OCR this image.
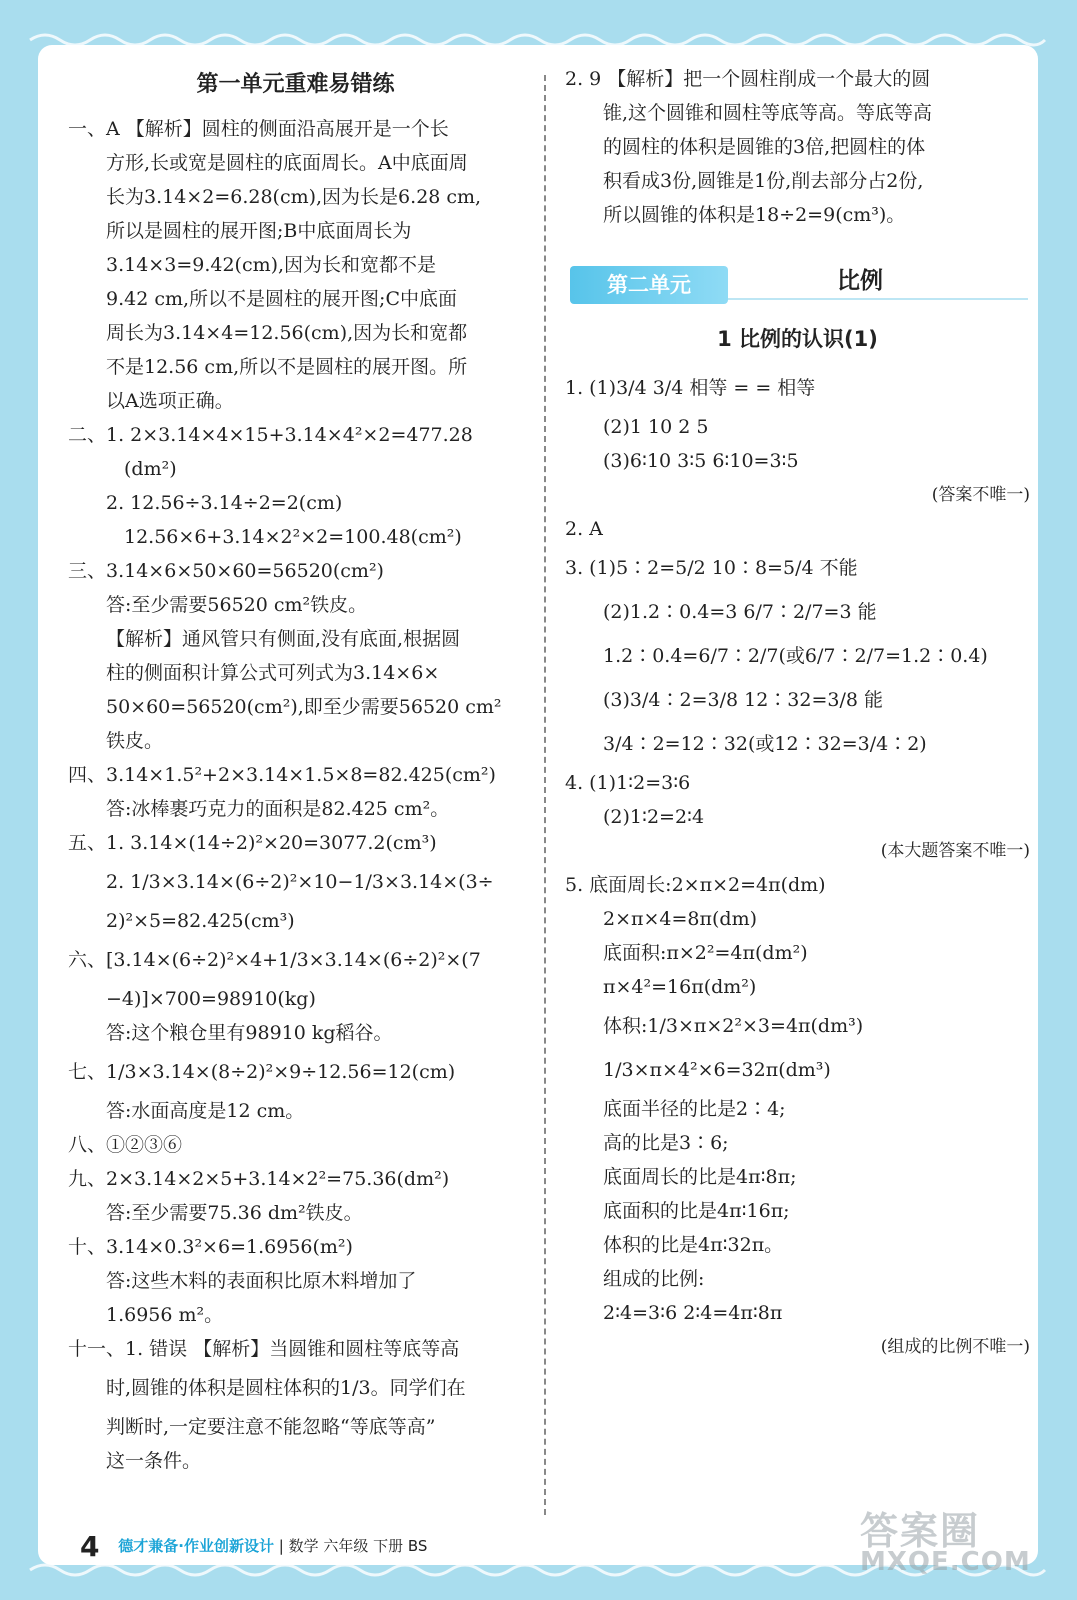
第一单元重难易错练
一、A 【解析】圆柱的侧面沿高展开是一个长
方形,长或宽是圆柱的底面周长。A中底面周
长为3.14×2=6.28(cm),因为长是6.28 cm,
所以是圆柱的展开图;B中底面周长为
3.14×3=9.42(cm),因为长和宽都不是
9.42 cm,所以不是圆柱的展开图;C中底面
周长为3.14×4=12.56(cm),因为长和宽都
不是12.56 cm,所以不是圆柱的展开图。所
以A选项正确。
二、1. 2×3.14×4×15+3.14×4²×2=477.28
(dm²)
2. 12.56÷3.14÷2=2(cm)
12.56×6+3.14×2²×2=100.48(cm²)
三、3.14×6×50×60=56520(cm²)
答:至少需要56520 cm²铁皮。
【解析】通风管只有侧面,没有底面,根据圆
柱的侧面积计算公式可列式为3.14×6×
50×60=56520(cm²),即至少需要56520 cm²
铁皮。
四、3.14×1.5²+2×3.14×1.5×8=82.425(cm²)
答:冰棒裹巧克力的面积是82.425 cm²。
五、1. 3.14×(14÷2)²×20=3077.2(cm³)
2. 1/3×3.14×(6÷2)²×10−1/3×3.14×(3÷
2)²×5=82.425(cm³)
六、[3.14×(6÷2)²×4+1/3×3.14×(6÷2)²×(7
−4)]×700=98910(kg)
答:这个粮仓里有98910 kg稻谷。
七、1/3×3.14×(8÷2)²×9÷12.56=12(cm)
答:水面高度是12 cm。
八、①②③⑥
九、2×3.14×2×5+3.14×2²=75.36(dm²)
答:至少需要75.36 dm²铁皮。
十、3.14×0.3²×6=1.6956(m²)
答:这些木料的表面积比原木料增加了
1.6956 m²。
十一、1. 错误 【解析】当圆锥和圆柱等底等高
时,圆锥的体积是圆柱体积的1/3。同学们在
判断时,一定要注意不能忽略“等底等高”
这一条件。
2. 9 【解析】把一个圆柱削成一个最大的圆
锥,这个圆锥和圆柱等底等高。等底等高
的圆柱的体积是圆锥的3倍,把圆柱的体
积看成3份,圆锥是1份,削去部分占2份,
所以圆锥的体积是18÷2=9(cm³)。
第二单元	比例
1 比例的认识(1)
1. (1)3/4 3/4 相等 = = 相等
(2)1 10 2 5
(3)6∶10 3∶5 6∶10=3∶5
(答案不唯一)
2. A
3. (1)5∶2=5/2 10∶8=5/4 不能
(2)1.2∶0.4=3 6/7∶2/7=3 能
1.2∶0.4=6/7∶2/7(或6/7∶2/7=1.2∶0.4)
(3)3/4∶2=3/8 12∶32=3/8 能
3/4∶2=12∶32(或12∶32=3/4∶2)
4. (1)1∶2=3∶6
(2)1∶2=2∶4
(本大题答案不唯一)
5. 底面周长:2×π×2=4π(dm)
2×π×4=8π(dm)
底面积:π×2²=4π(dm²)
π×4²=16π(dm²)
体积:1/3×π×2²×3=4π(dm³)
1/3×π×4²×6=32π(dm³)
底面半径的比是2∶4;
高的比是3∶6;
底面周长的比是4π∶8π;
底面积的比是4π∶16π;
体积的比是4π∶32π。
组成的比例:
2∶4=3∶6 2∶4=4π∶8π
(组成的比例不唯一)
4 德才兼备·作业创新设计 | 数学 六年级 下册 BS	答案圈
MXQE.COM
